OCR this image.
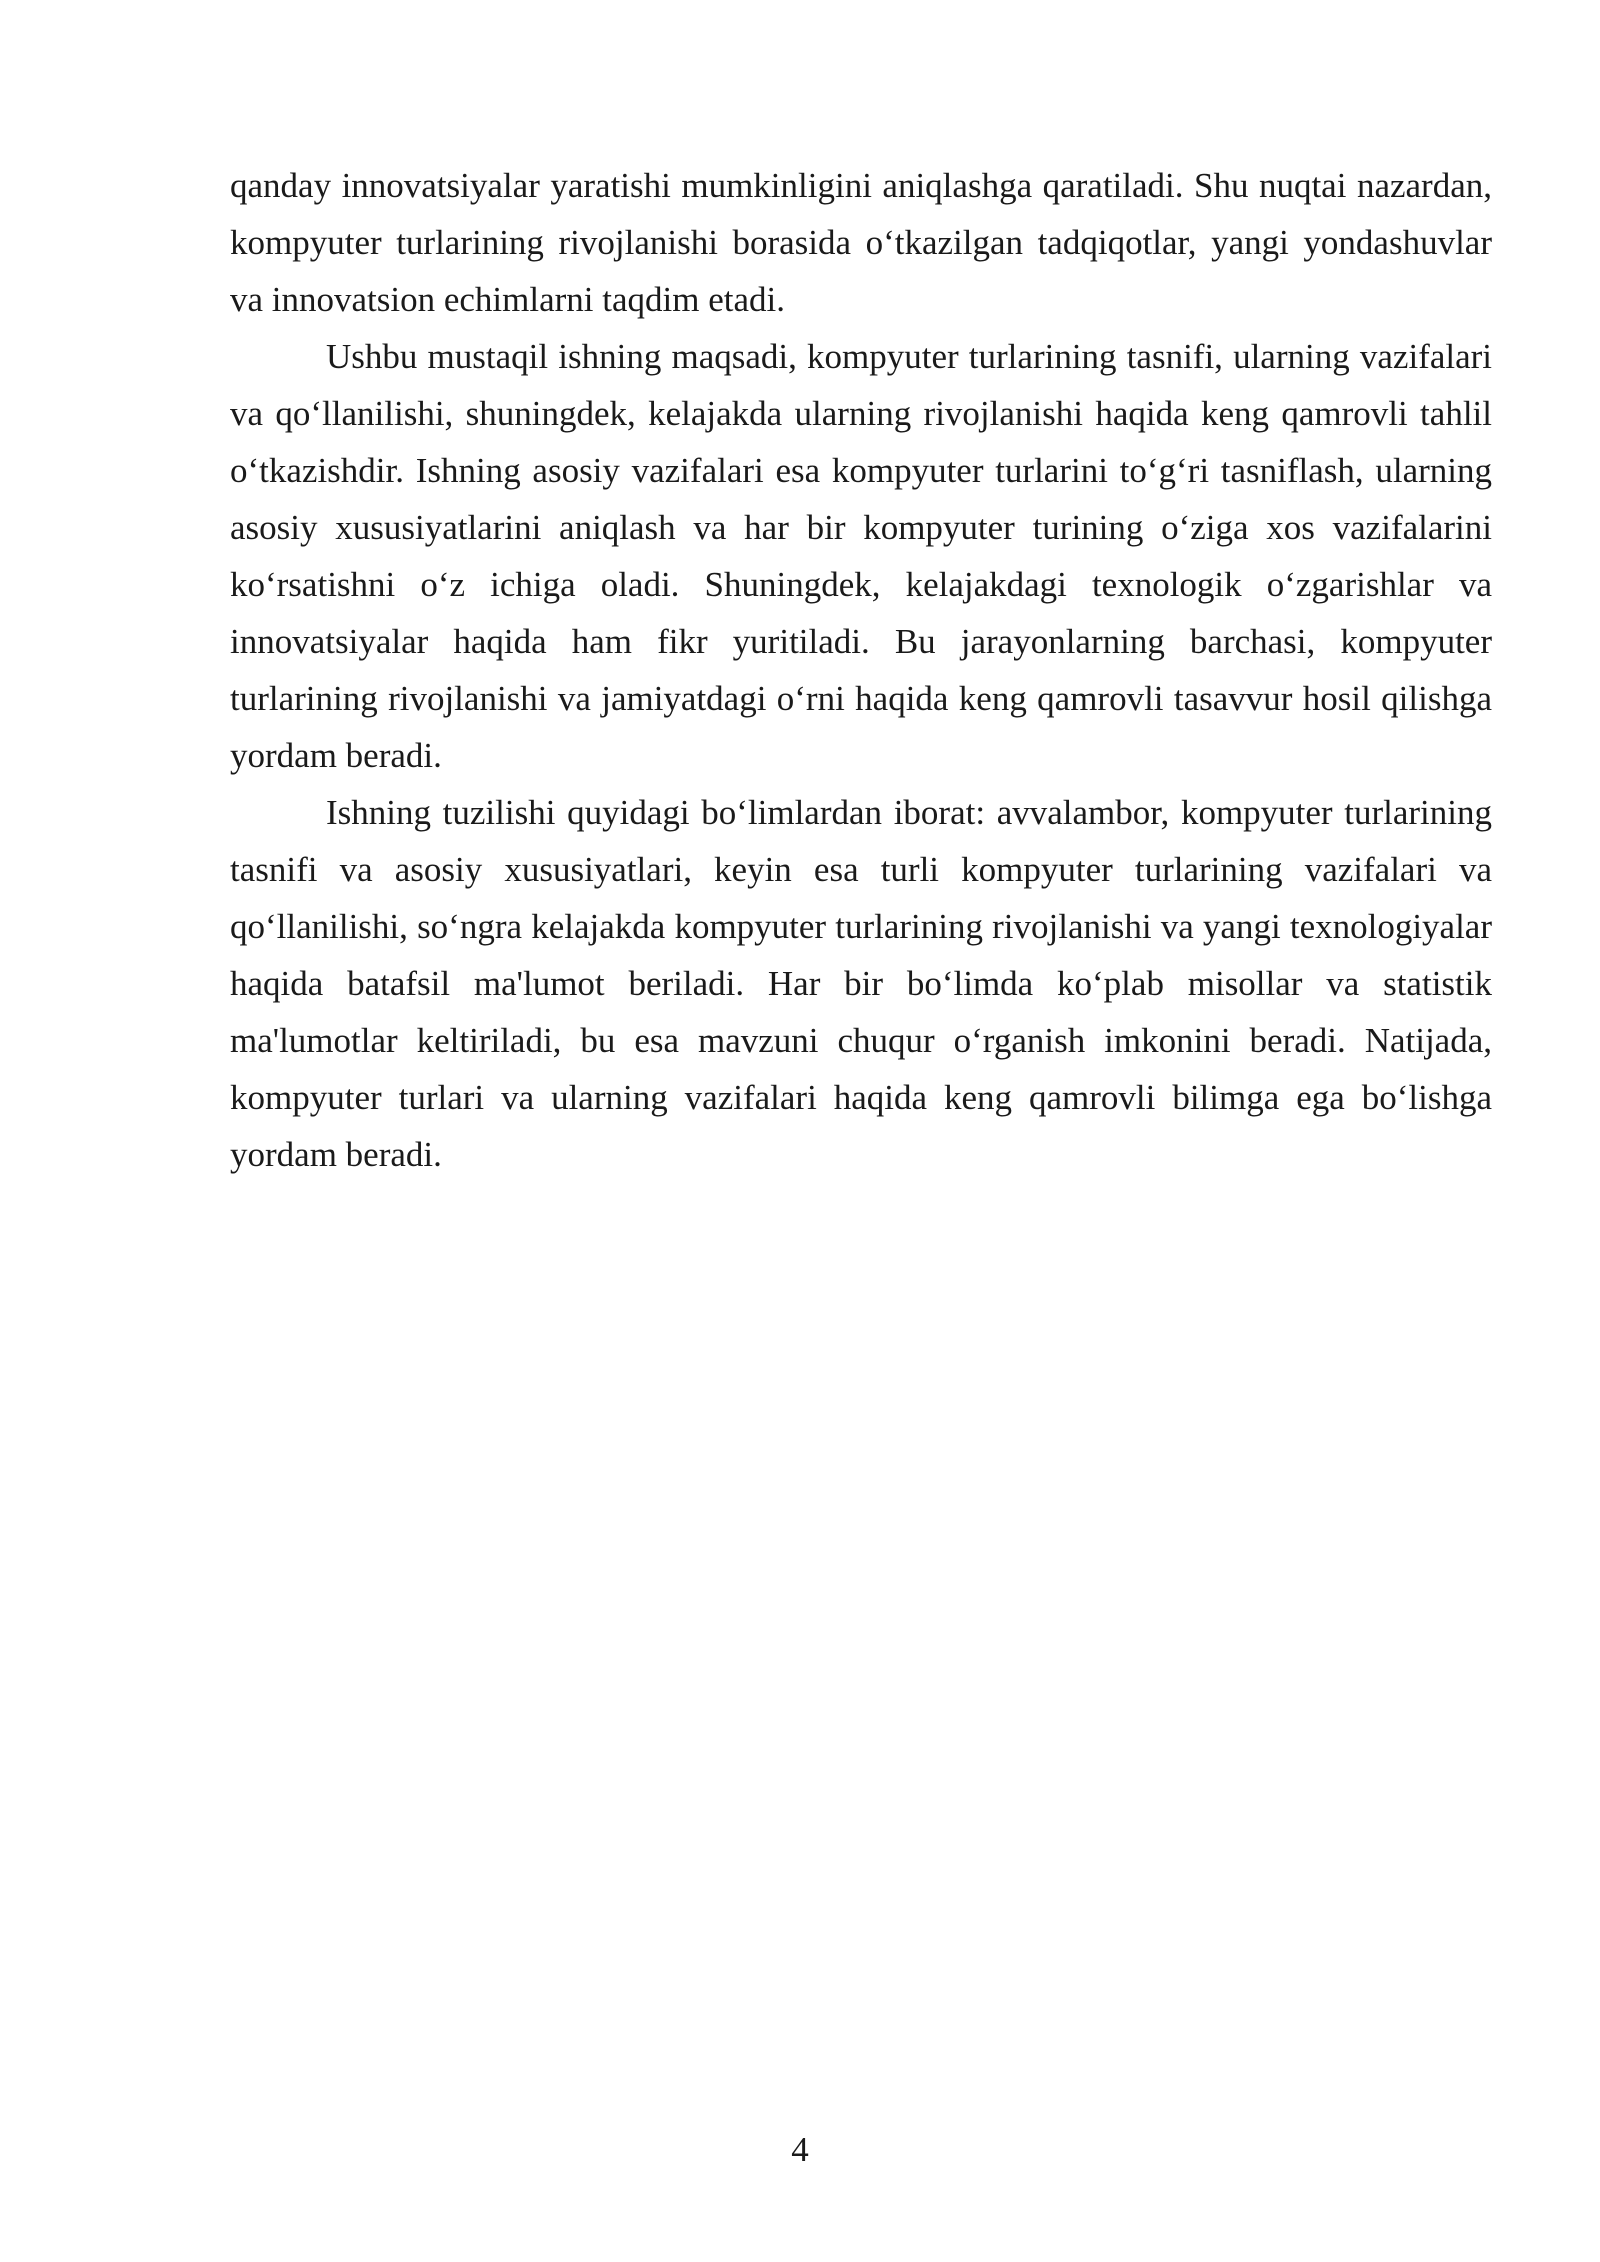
qanday innovatsiyalar yaratishi mumkinligini aniqlashga qaratiladi. Shu nuqtai nazardan, kompyuter turlarining rivojlanishi borasida o‘tkazilgan tadqiqotlar, yangi yondashuvlar va innovatsion echimlarni taqdim etadi.

Ushbu mustaqil ishning maqsadi, kompyuter turlarining tasnifi, ularning vazifalari va qo‘llanilishi, shuningdek, kelajakda ularning rivojlanishi haqida keng qamrovli tahlil o‘tkazishdir. Ishning asosiy vazifalari esa kompyuter turlarini to‘g‘ri tasniflash, ularning asosiy xususiyatlarini aniqlash va har bir kompyuter turining o‘ziga xos vazifalarini ko‘rsatishni o‘z ichiga oladi. Shuningdek, kelajakdagi texnologik o‘zgarishlar va innovatsiyalar haqida ham fikr yuritiladi. Bu jarayonlarning barchasi, kompyuter turlarining rivojlanishi va jamiyatdagi o‘rni haqida keng qamrovli tasavvur hosil qilishga yordam beradi.

Ishning tuzilishi quyidagi bo‘limlardan iborat: avvalambor, kompyuter turlarining tasnifi va asosiy xususiyatlari, keyin esa turli kompyuter turlarining vazifalari va qo‘llanilishi, so‘ngra kelajakda kompyuter turlarining rivojlanishi va yangi texnologiyalar haqida batafsil ma'lumot beriladi. Har bir bo‘limda ko‘plab misollar va statistik ma'lumotlar keltiriladi, bu esa mavzuni chuqur o‘rganish imkonini beradi. Natijada, kompyuter turlari va ularning vazifalari haqida keng qamrovli bilimga ega bo‘lishga yordam beradi.

4
